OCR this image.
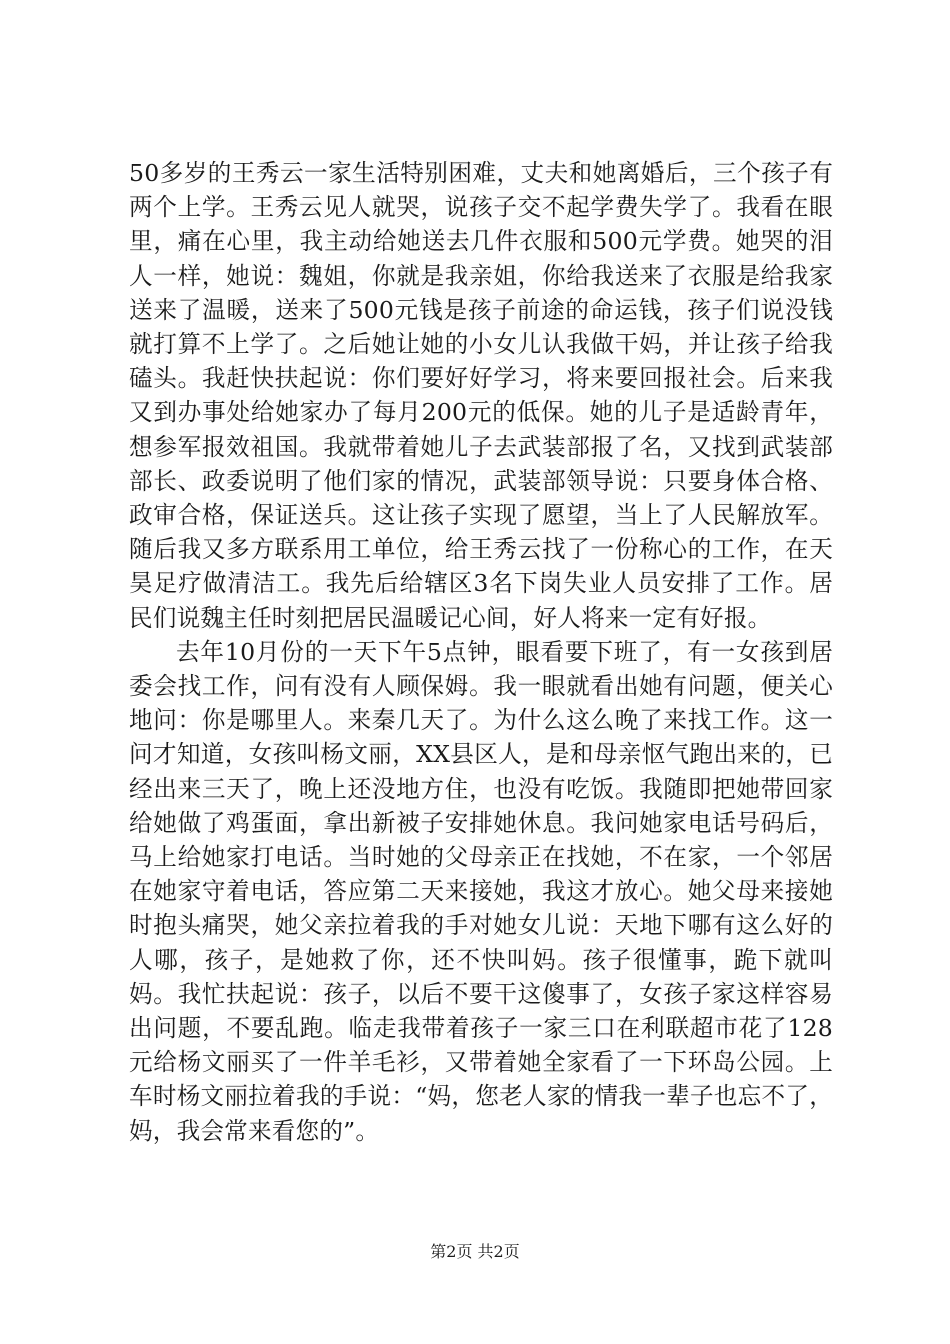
50多岁的王秀云一家生活特别困难，丈夫和她离婚后，三个孩子有两个上学。王秀云见人就哭，说孩子交不起学费失学了。我看在眼里，痛在心里，我主动给她送去几件衣服和500元学费。她哭的泪人一样，她说：魏姐，你就是我亲姐，你给我送来了衣服是给我家送来了温暖，送来了500元钱是孩子前途的命运钱，孩子们说没钱就打算不上学了。之后她让她的小女儿认我做干妈，并让孩子给我磕头。我赶快扶起说：你们要好好学习，将来要回报社会。后来我又到办事处给她家办了每月200元的低保。她的儿子是适龄青年，想参军报效祖国。我就带着她儿子去武装部报了名，又找到武装部部长、政委说明了他们家的情况，武装部领导说：只要身体合格、政审合格，保证送兵。这让孩子实现了愿望，当上了人民解放军。随后我又多方联系用工单位，给王秀云找了一份称心的工作，在天昊足疗做清洁工。我先后给辖区3名下岗失业人员安排了工作。居民们说魏主任时刻把居民温暖记心间，好人将来一定有好报。

去年10月份的一天下午5点钟，眼看要下班了，有一女孩到居委会找工作，问有没有人顾保姆。我一眼就看出她有问题，便关心地问：你是哪里人。来秦几天了。为什么这么晚了来找工作。这一问才知道，女孩叫杨文丽，XX县区人，是和母亲怄气跑出来的，已经出来三天了，晚上还没地方住，也没有吃饭。我随即把她带回家给她做了鸡蛋面，拿出新被子安排她休息。我问她家电话号码后，马上给她家打电话。当时她的父母亲正在找她，不在家，一个邻居在她家守着电话，答应第二天来接她，我这才放心。她父母来接她时抱头痛哭，她父亲拉着我的手对她女儿说：天地下哪有这么好的人哪，孩子，是她救了你，还不快叫妈。孩子很懂事，跪下就叫妈。我忙扶起说：孩子，以后不要干这傻事了，女孩子家这样容易出问题，不要乱跑。临走我带着孩子一家三口在利联超市花了128元给杨文丽买了一件羊毛衫，又带着她全家看了一下环岛公园。上车时杨文丽拉着我的手说：“妈，您老人家的情我一辈子也忘不了，妈，我会常来看您的”。

第2页 共2页
